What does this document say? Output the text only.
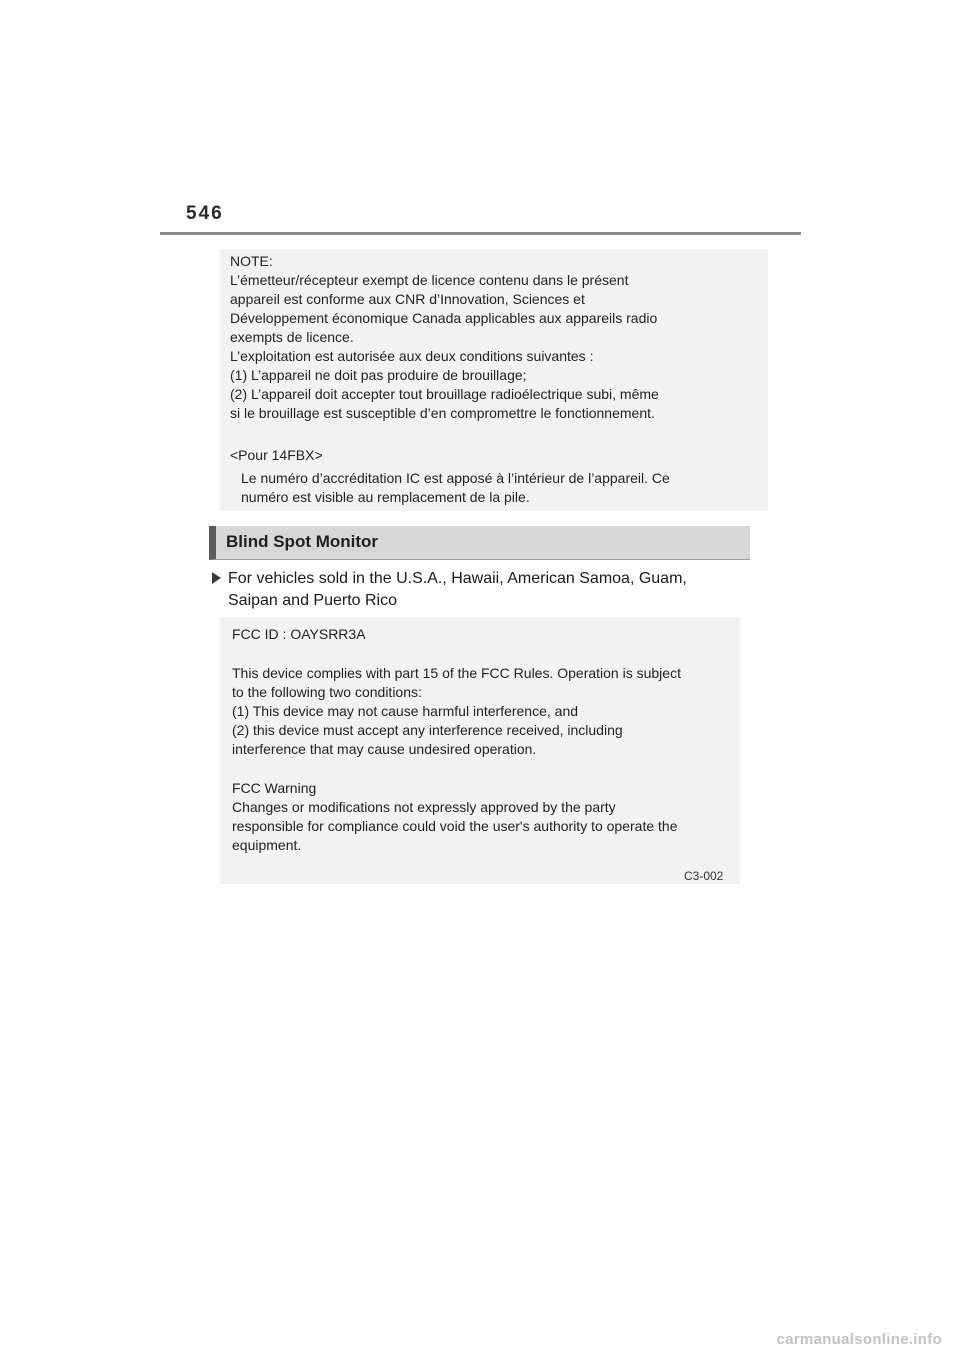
546
NOTE:
L’émetteur/récepteur exempt de licence contenu dans le présent
appareil est conforme aux CNR d’Innovation, Sciences et
Développement économique Canada applicables aux appareils radio
exempts de licence.
L’exploitation est autorisée aux deux conditions suivantes :
(1) L’appareil ne doit pas produire de brouillage;
(2) L’appareil doit accepter tout brouillage radioélectrique subi, même
si le brouillage est susceptible d’en compromettre le fonctionnement.
<Pour 14FBX>
Le numéro d’accréditation IC est apposé à l’intérieur de l’appareil. Ce
numéro est visible au remplacement de la pile.
Blind Spot Monitor
For vehicles sold in the U.S.A., Hawaii, American Samoa, Guam,
Saipan and Puerto Rico
FCC ID : OAYSRR3A
This device complies with part 15 of the FCC Rules. Operation is subject
to the following two conditions:
(1) This device may not cause harmful interference, and
(2) this device must accept any interference received, including
interference that may cause undesired operation.
FCC Warning
Changes or modifications not expressly approved by the party
responsible for compliance could void the user's authority to operate the
equipment.
C3-002
carmanualsonline.info
